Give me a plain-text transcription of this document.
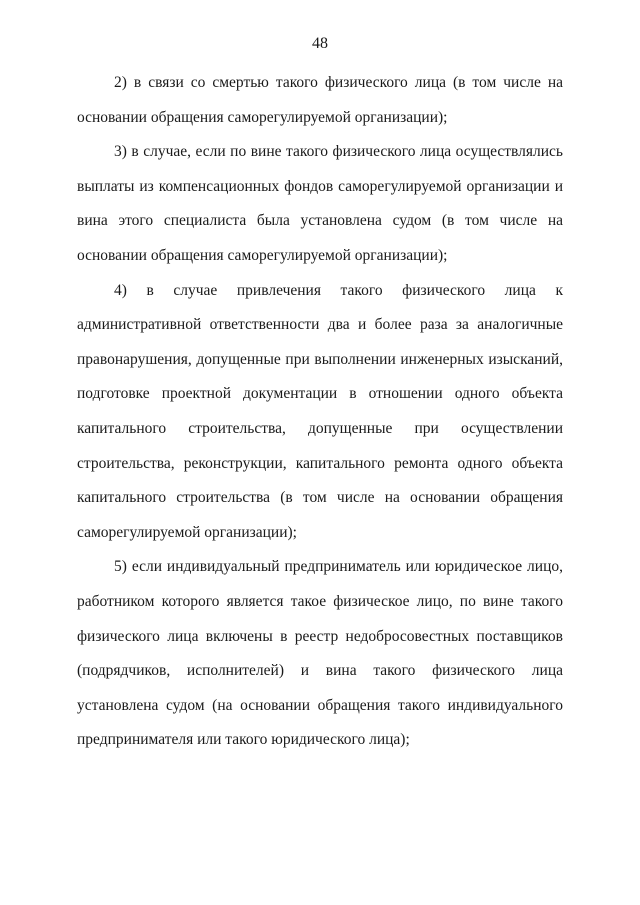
48

2) в связи со смертью такого физического лица (в том числе на основании обращения саморегулируемой организации);

3) в случае, если по вине такого физического лица осуществлялись выплаты из компенсационных фондов саморегулируемой организации и вина этого специалиста была установлена судом (в том числе на основании обращения саморегулируемой организации);

4) в случае привлечения такого физического лица к административной ответственности два и более раза за аналогичные правонарушения, допущенные при выполнении инженерных изысканий, подготовке проектной документации в отношении одного объекта капитального строительства, допущенные при осуществлении строительства, реконструкции, капитального ремонта одного объекта капитального строительства (в том числе на основании обращения саморегулируемой организации);

5) если индивидуальный предприниматель или юридическое лицо, работником которого является такое физическое лицо, по вине такого физического лица включены в реестр недобросовестных поставщиков (подрядчиков, исполнителей) и вина такого физического лица установлена судом (на основании обращения такого индивидуального предпринимателя или такого юридического лица);
